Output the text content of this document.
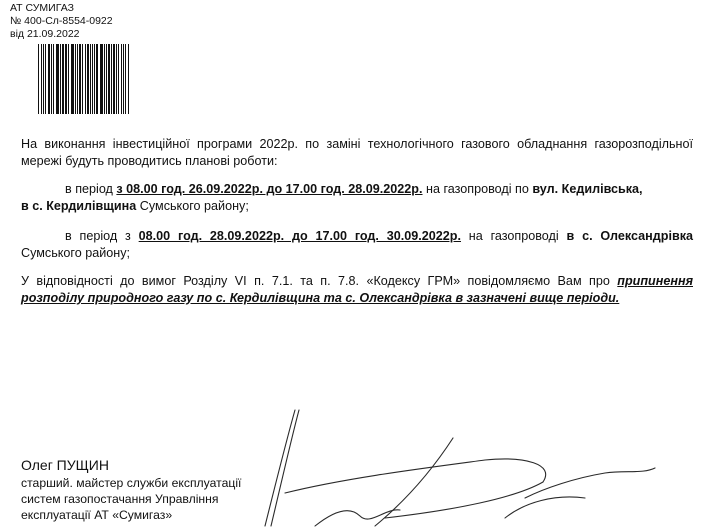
АТ СУМИГАЗ
№ 400-Сл-8554-0922
від 21.09.2022
На виконання інвестиційної програми 2022р. по заміні технологічного газового обладнання газорозподільної мережі будуть проводитись планові роботи:
в період з 08.00 год. 26.09.2022р. до 17.00 год. 28.09.2022р. на газопроводі по вул. Кедилівська,
в с. Кердилівщина Сумського району;
в період з 08.00 год. 28.09.2022р. до 17.00 год. 30.09.2022р. на газопроводі в с. Олександрівка Сумського району;
У відповідності до вимог Розділу VI п. 7.1. та п. 7.8. «Кодексу ГРМ» повідомляємо Вам про припинення розподілу природного газу по с. Кердилівщина та с. Олександрівка в зазначені вище періоди.
Олег ПУЩИН
старший. майстер служби експлуатації
систем газопостачання Управління
експлуатації АТ «Сумигаз»
